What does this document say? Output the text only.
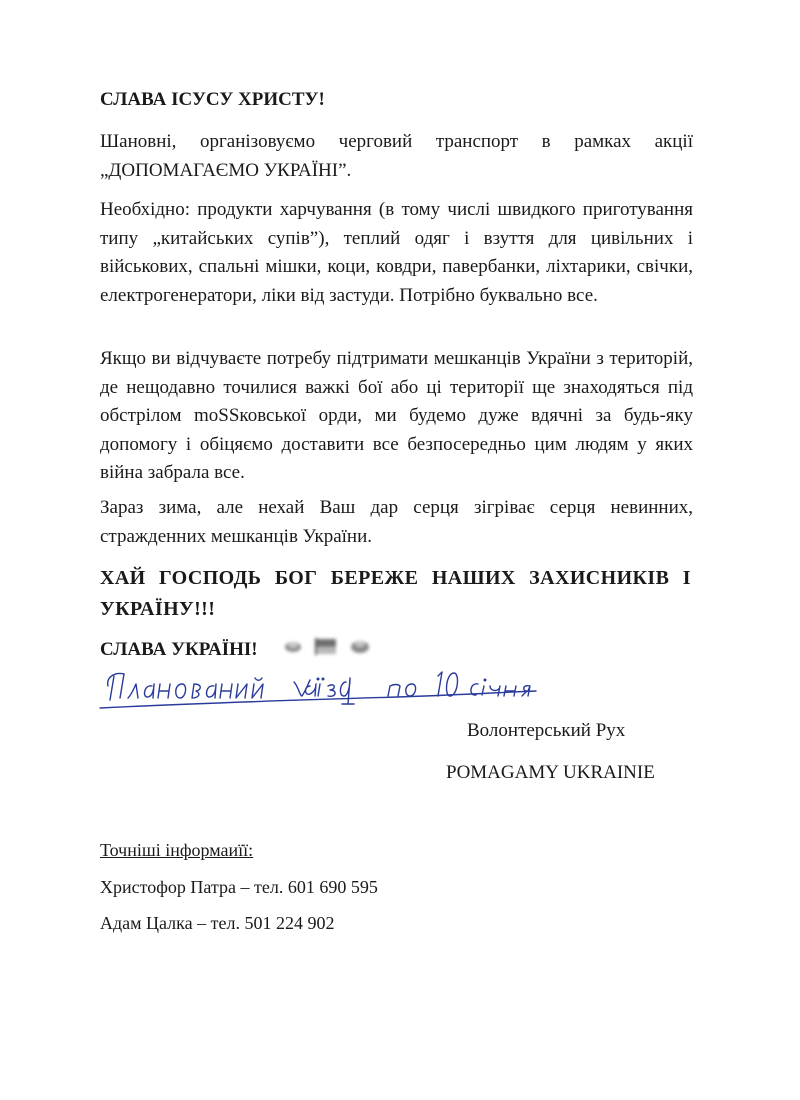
СЛАВА ІСУСУ ХРИСТУ!

Шановні, організовуємо черговий транспорт в рамках акції

„ДОПОМАГАЄМО УКРАЇНІ”.

Необхідно: продукти харчування (в тому числі швидкого приготування типу „китайських супів”), теплий одяг і взуття для цивільних і військових, спальні мішки, коци, ковдри, павербанки, ліхтарики, свічки, електрогенератори, ліки від застуди. Потрібно буквально все.

Якщо ви відчуваєте потребу підтримати мешканців України з територій, де нещодавно точилися важкі бої або ці території ще знаходяться під обстрілом moSSковської орди, ми будемо дуже вдячні за будь-яку допомогу і обіцяємо доставити все безпосередньо цим людям у яких війна забрала все.

Зараз зима, але нехай Ваш дар серця зігріває серця невинних, стражденних мешканців України.

ХАЙ ГОСПОДЬ БОГ БЕРЕЖЕ НАШИХ ЗАХИСНИКІВ І УКРАЇНУ!!!

СЛАВА УКРАЇНІ!

Волонтерський Рух

POMAGAMY UKRAINIE

Точніші інформаиїї:

Христофор Патра – тел. 601 690 595

Адам Цалка – тел. 501 224 902
